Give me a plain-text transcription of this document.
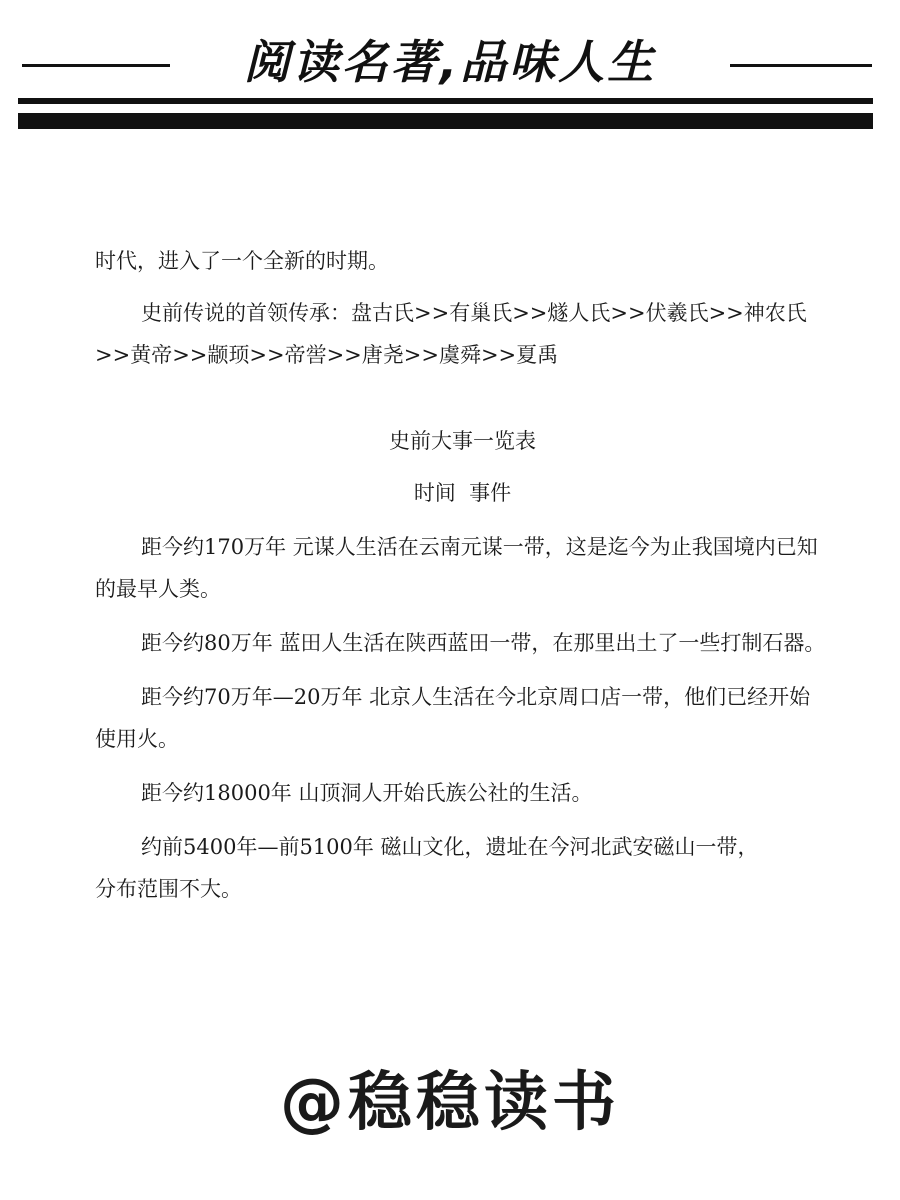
阅读名著,品味人生

时代，进入了一个全新的时期。

史前传说的首领传承：盘古氏>>有巢氏>>燧人氏>>伏羲氏>>神农氏>>黄帝>>颛顼>>帝喾>>唐尧>>虞舜>>夏禹

史前大事一览表

时间  事件

距今约170万年 元谋人生活在云南元谋一带，这是迄今为止我国境内已知的最早人类。

距今约80万年 蓝田人生活在陕西蓝田一带，在那里出土了一些打制石器。

距今约70万年—20万年 北京人生活在今北京周口店一带，他们已经开始使用火。

距今约18000年 山顶洞人开始氏族公社的生活。

约前5400年—前5100年 磁山文化，遗址在今河北武安磁山一带，

分布范围不大。

@稳稳读书
